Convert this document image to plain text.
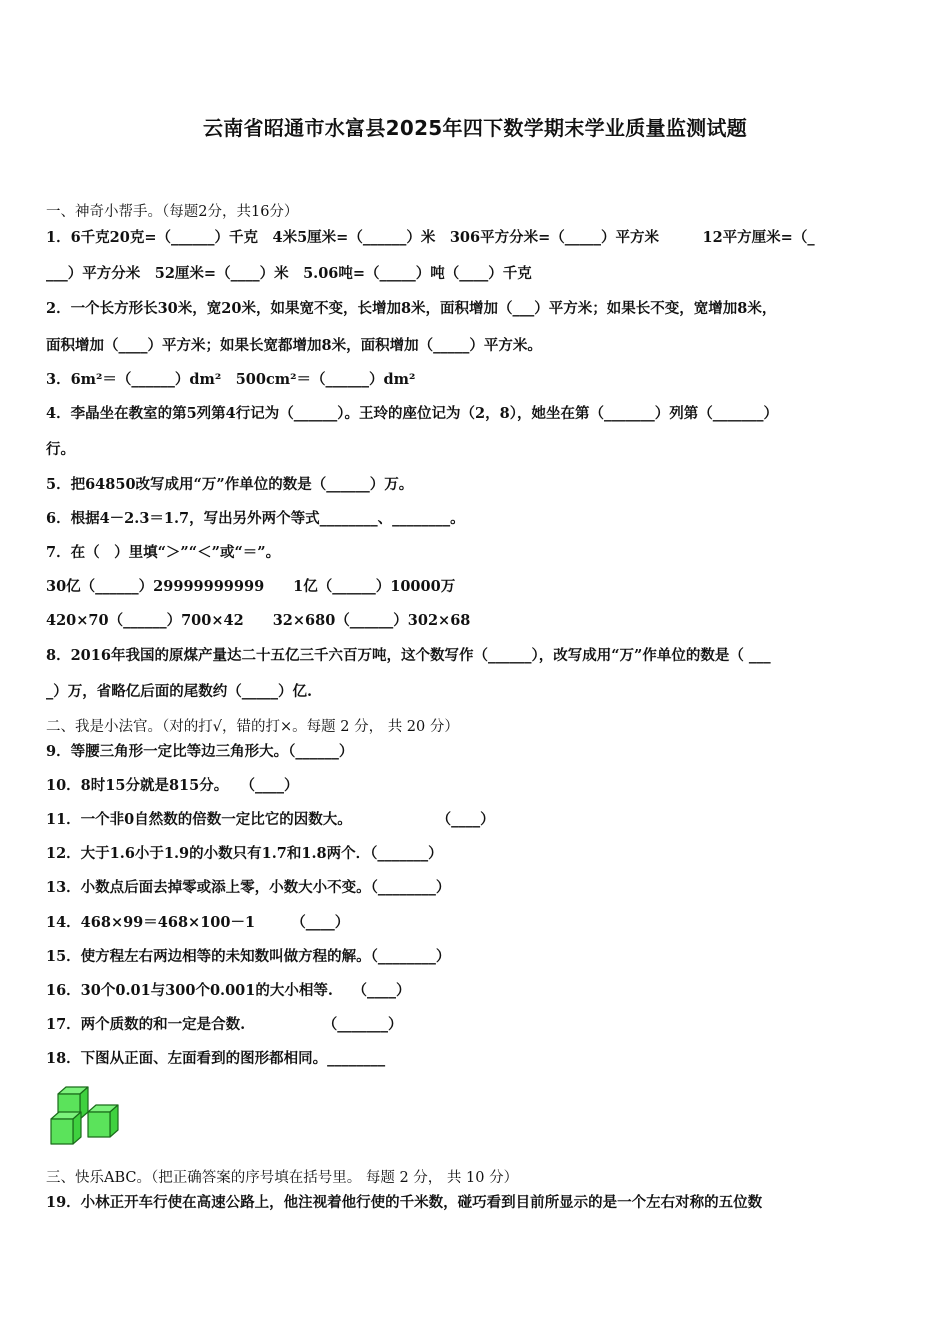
云南省昭通市水富县2025年四下数学期末学业质量监测试题
一、神奇小帮手。（每题2分，共16分）
1．6千克20克=（______）千克　4米5厘米=（______）米　306平方分米=（_____）平方米　　　12平方厘米=（_
___）平方分米　52厘米=（____）米　5.06吨=（_____）吨（____）千克
2．一个长方形长30米，宽20米，如果宽不变，长增加8米，面积增加（___）平方米；如果长不变，宽增加8米，
面积增加（____）平方米；如果长宽都增加8米，面积增加（_____）平方米。
3．6m²＝（______）dm²　500cm²＝（______）dm²
4．李晶坐在教室的第5列第4行记为（______）。王玲的座位记为（2，8），她坐在第（_______）列第（_______）
行。
5．把64850改写成用“万”作单位的数是（______）万。
6．根据4－2.3＝1.7，写出另外两个等式________、________。
7．在（　）里填“＞”“＜”或“＝”。
30亿（______）29999999999　　1亿（______）10000万
420×70（______）700×42　　32×680（______）302×68
8．2016年我国的原煤产量达二十五亿三千六百万吨，这个数写作（______），改写成用“万”作单位的数是（ ___
_）万，省略亿后面的尾数约（_____）亿.
二、我是小法官。（对的打√，错的打×。每题 2 分， 共 20 分）
9．等腰三角形一定比等边三角形大。（______）
10．8时15分就是815分。　 （____）
11．一个非0自然数的倍数一定比它的因数大。　　　　　　 （____）
12．大于1.6小于1.9的小数只有1.7和1.8两个．（_______）
13．小数点后面去掉零或添上零，小数大小不变。（________）
14．468×99＝468×100－1　　　（____）
15．使方程左右两边相等的未知数叫做方程的解。（________）
16．30个0.01与300个0.001的大小相等.　 （____）
17．两个质数的和一定是合数.　　　　　 （_______）
18．下图从正面、左面看到的图形都相同。________
三、快乐ABC。（把正确答案的序号填在括号里。 每题 2 分， 共 10 分）
19．小林正开车行使在高速公路上，他注视着他行使的千米数，碰巧看到目前所显示的是一个左右对称的五位数
